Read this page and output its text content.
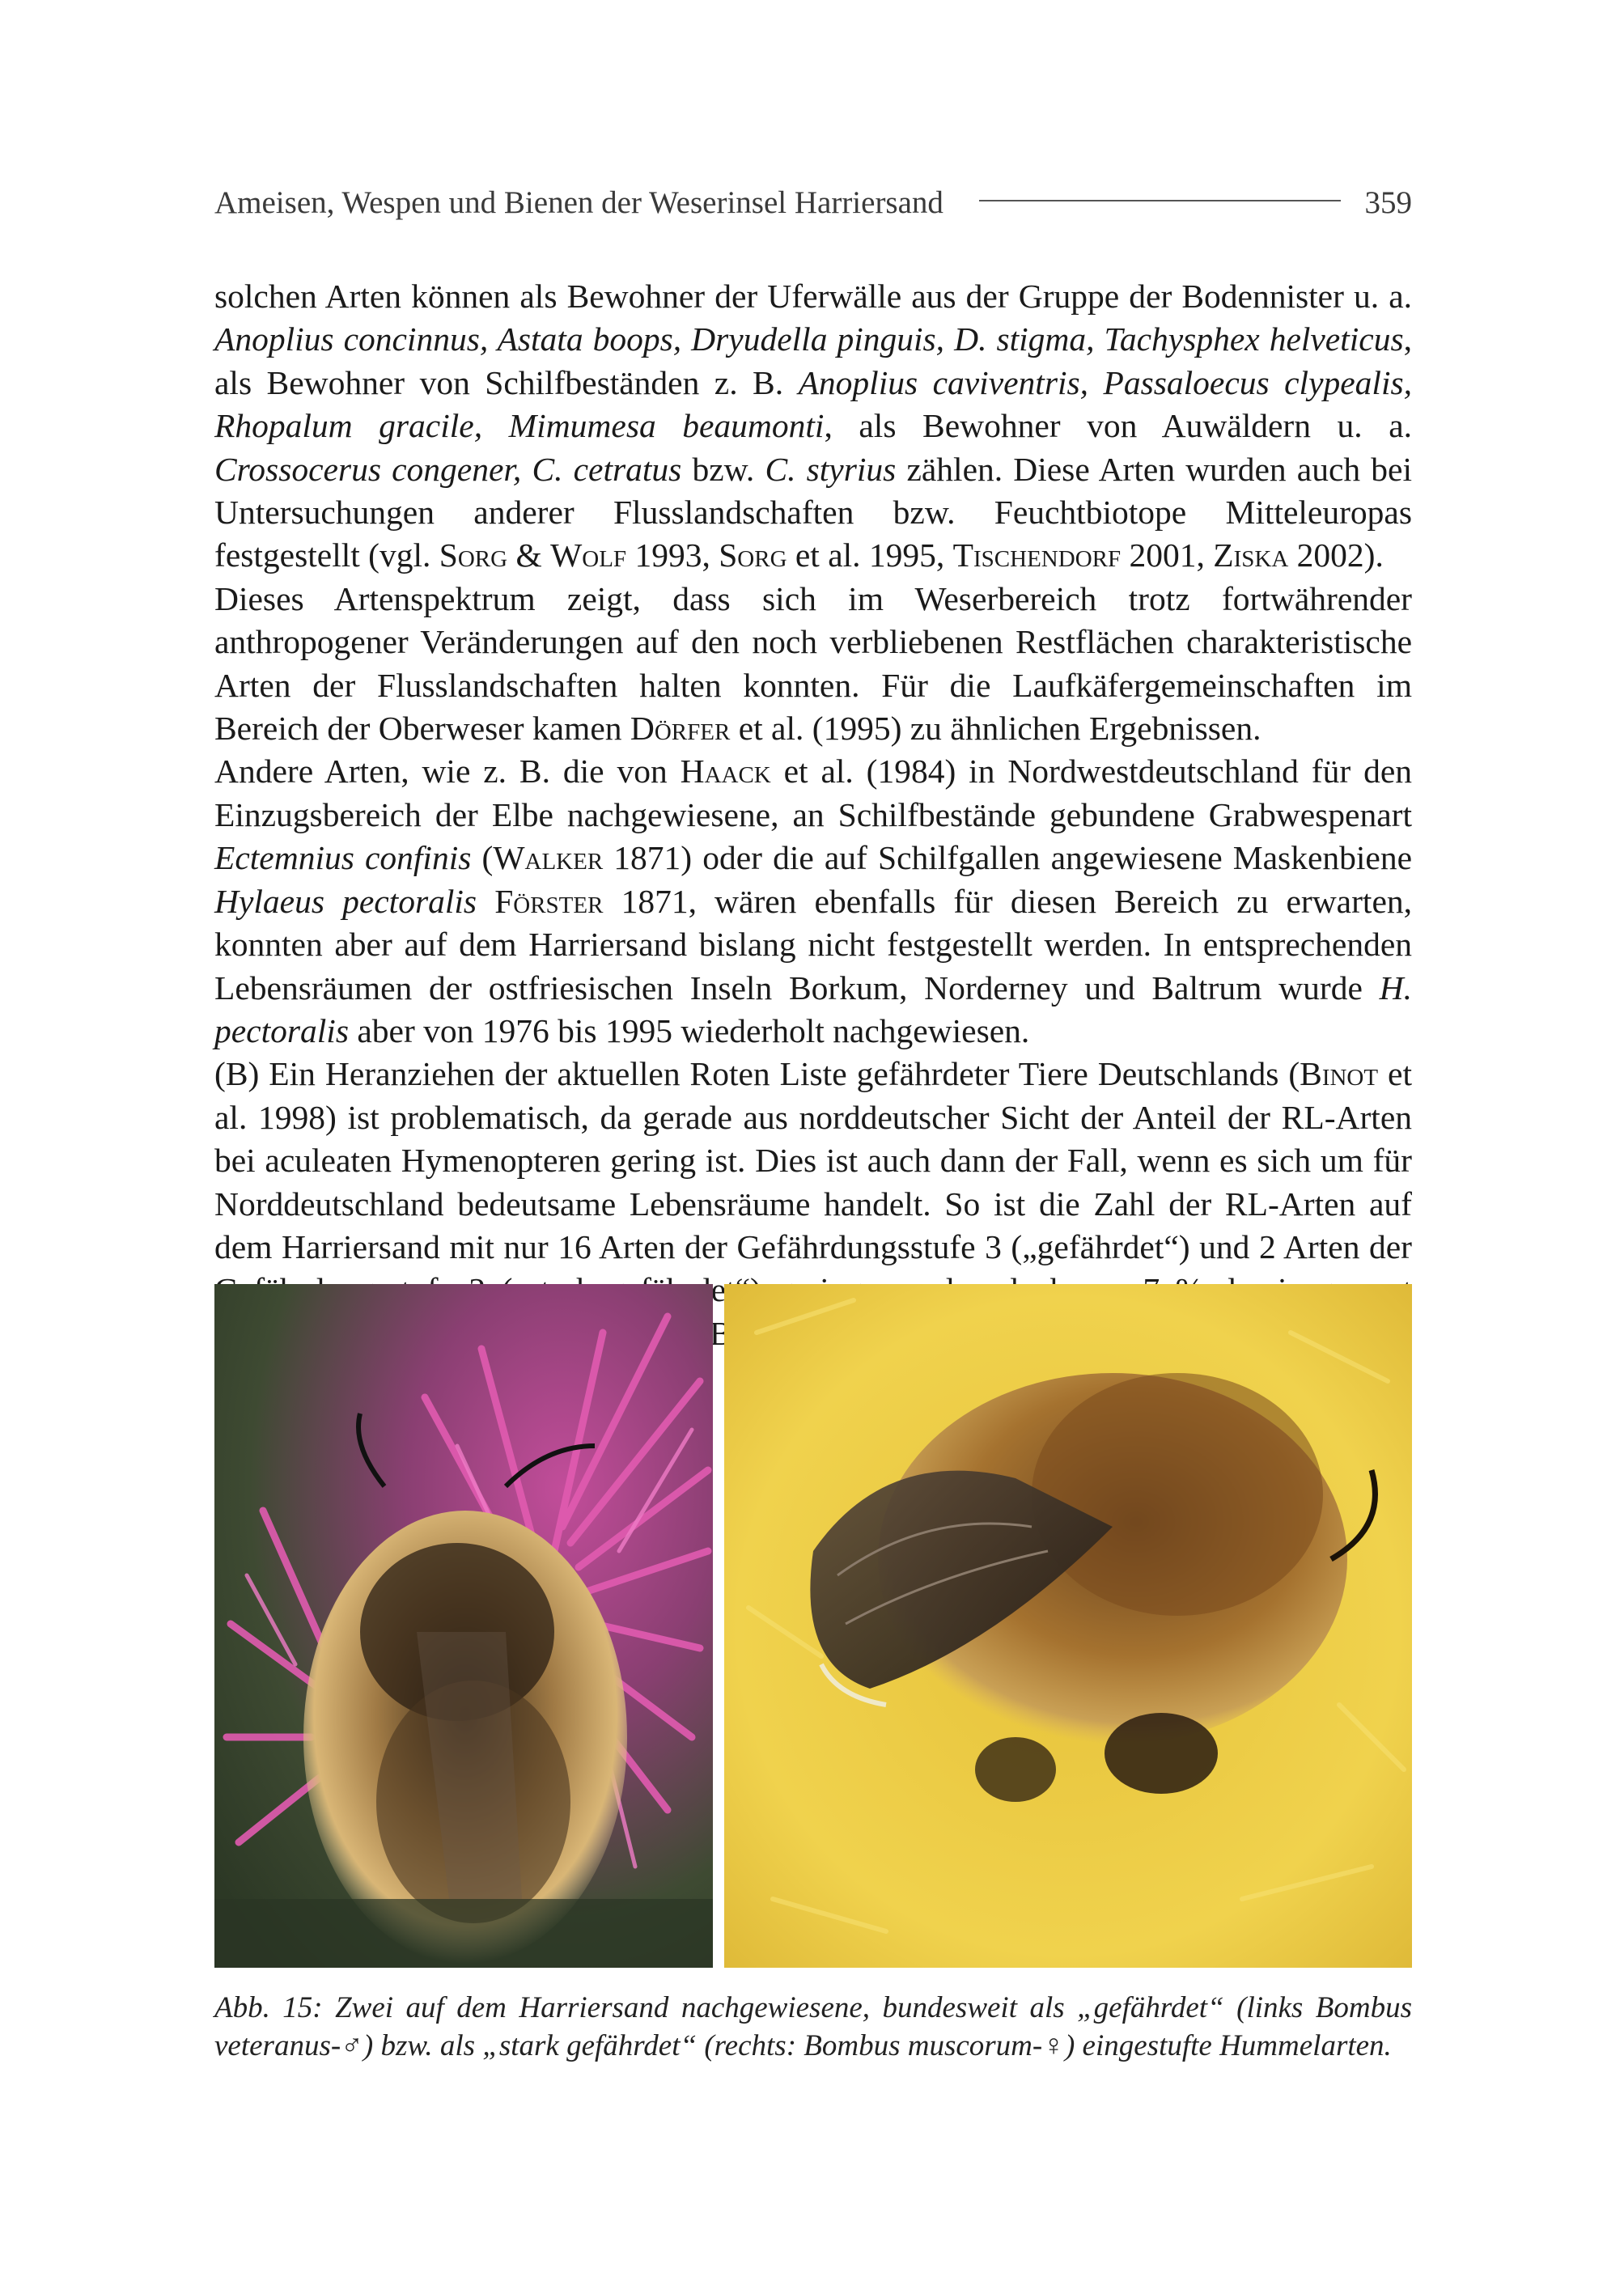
Ameisen, Wespen und Bienen der Weserinsel Harriersand	359

solchen Arten können als Bewohner der Uferwälle aus der Gruppe der Bodennister u. a. Anoplius concinnus, Astata boops, Dryudella pinguis, D. stigma, Tachysphex helveticus, als Bewohner von Schilfbeständen z. B. Anoplius caviventris, Passaloecus clypealis, Rhopalum gracile, Mimumesa beaumonti, als Bewohner von Auwäldern u. a. Crossocerus congener, C. cetratus bzw. C. styrius zählen. Diese Arten wurden auch bei Untersuchungen anderer Flusslandschaften bzw. Feuchtbiotope Mitteleuropas festgestellt (vgl. Sorg & Wolf 1993, Sorg et al. 1995, Tischendorf 2001, Ziska 2002).

Dieses Artenspektrum zeigt, dass sich im Weserbereich trotz fortwährender anthropogener Veränderungen auf den noch verbliebenen Restflächen charakteristische Arten der Flusslandschaften halten konnten. Für die Laufkäfergemeinschaften im Bereich der Oberweser kamen Dörfer et al. (1995) zu ähnlichen Ergebnissen.

Andere Arten, wie z. B. die von Haack et al. (1984) in Nordwestdeutschland für den Einzugsbereich der Elbe nachgewiesene, an Schilfbestände gebundene Grabwespenart Ectemnius confinis (Walker 1871) oder die auf Schilfgallen angewiesene Maskenbiene Hylaeus pectoralis Förster 1871, wären ebenfalls für diesen Bereich zu erwarten, konnten aber auf dem Harriersand bislang nicht festgestellt werden. In entsprechenden Lebensräumen der ostfriesischen Inseln Borkum, Norderney und Baltrum wurde H. pectoralis aber von 1976 bis 1995 wiederholt nachgewiesen.

(B) Ein Heranziehen der aktuellen Roten Liste gefährdeter Tiere Deutschlands (Binot et al. 1998) ist problematisch, da gerade aus norddeutscher Sicht der Anteil der RL-Arten bei aculeaten Hymenopteren gering ist. Dies ist auch dann der Fall, wenn es sich um für Norddeutschland bedeutsame Lebensräume handelt. So ist die Zahl der RL-Arten auf dem Harriersand mit nur 16 Arten der Gefährdungsstufe 3 („gefährdet“) und 2 Arten der

Abb. 15: Zwei auf dem Harriersand nachgewiesene, bundesweit als „gefährdet“ (links Bombus veteranus-♂) bzw. als „stark gefährdet“ (rechts: Bombus muscorum-♀) eingestufte Hummelarten.
